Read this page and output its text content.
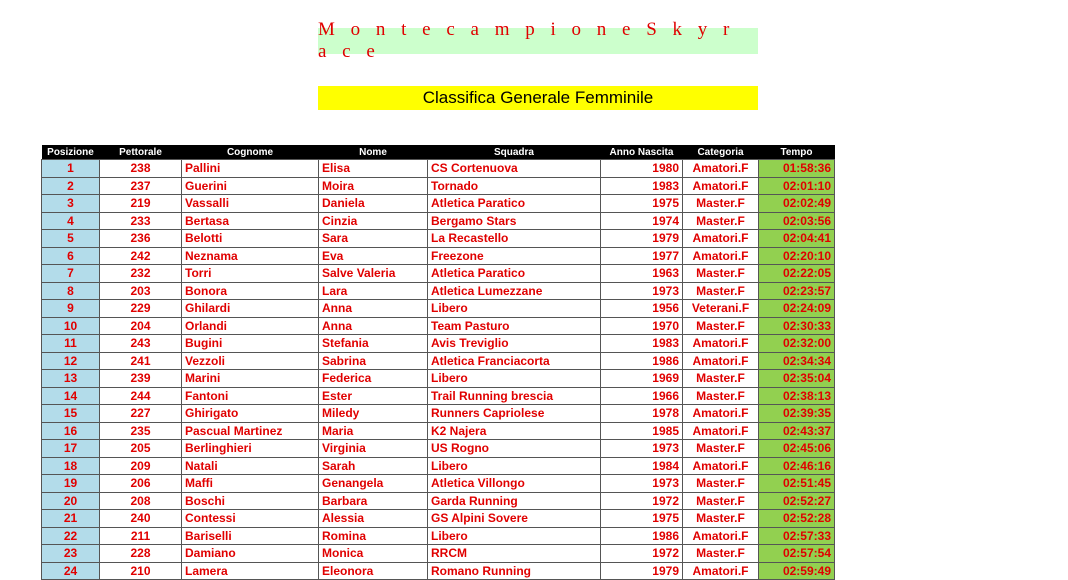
M o n t e c a m p i o n e S k y r a c e
Classifica Generale Femminile
Posizione	Pettorale	Cognome	Nome	Squadra	Anno Nascita	Categoria	Tempo
1	238	Pallini	Elisa	CS Cortenuova	1980	Amatori.F	01:58:36
2	237	Guerini	Moira	Tornado	1983	Amatori.F	02:01:10
3	219	Vassalli	Daniela	Atletica Paratico	1975	Master.F	02:02:49
4	233	Bertasa	Cinzia	Bergamo Stars	1974	Master.F	02:03:56
5	236	Belotti	Sara	La Recastello	1979	Amatori.F	02:04:41
6	242	Neznama	Eva	Freezone	1977	Amatori.F	02:20:10
7	232	Torri	Salve Valeria	Atletica Paratico	1963	Master.F	02:22:05
8	203	Bonora	Lara	Atletica Lumezzane	1973	Master.F	02:23:57
9	229	Ghilardi	Anna	Libero	1956	Veterani.F	02:24:09
10	204	Orlandi	Anna	Team Pasturo	1970	Master.F	02:30:33
11	243	Bugini	Stefania	Avis Treviglio	1983	Amatori.F	02:32:00
12	241	Vezzoli	Sabrina	Atletica Franciacorta	1986	Amatori.F	02:34:34
13	239	Marini	Federica	Libero	1969	Master.F	02:35:04
14	244	Fantoni	Ester	Trail Running brescia	1966	Master.F	02:38:13
15	227	Ghirigato	Miledy	Runners Capriolese	1978	Amatori.F	02:39:35
16	235	Pascual Martinez	Maria	K2 Najera	1985	Amatori.F	02:43:37
17	205	Berlinghieri	Virginia	US Rogno	1973	Master.F	02:45:06
18	209	Natali	Sarah	Libero	1984	Amatori.F	02:46:16
19	206	Maffi	Genangela	Atletica Villongo	1973	Master.F	02:51:45
20	208	Boschi	Barbara	Garda Running	1972	Master.F	02:52:27
21	240	Contessi	Alessia	GS Alpini Sovere	1975	Master.F	02:52:28
22	211	Bariselli	Romina	Libero	1986	Amatori.F	02:57:33
23	228	Damiano	Monica	RRCM	1972	Master.F	02:57:54
24	210	Lamera	Eleonora	Romano Running	1979	Amatori.F	02:59:49
